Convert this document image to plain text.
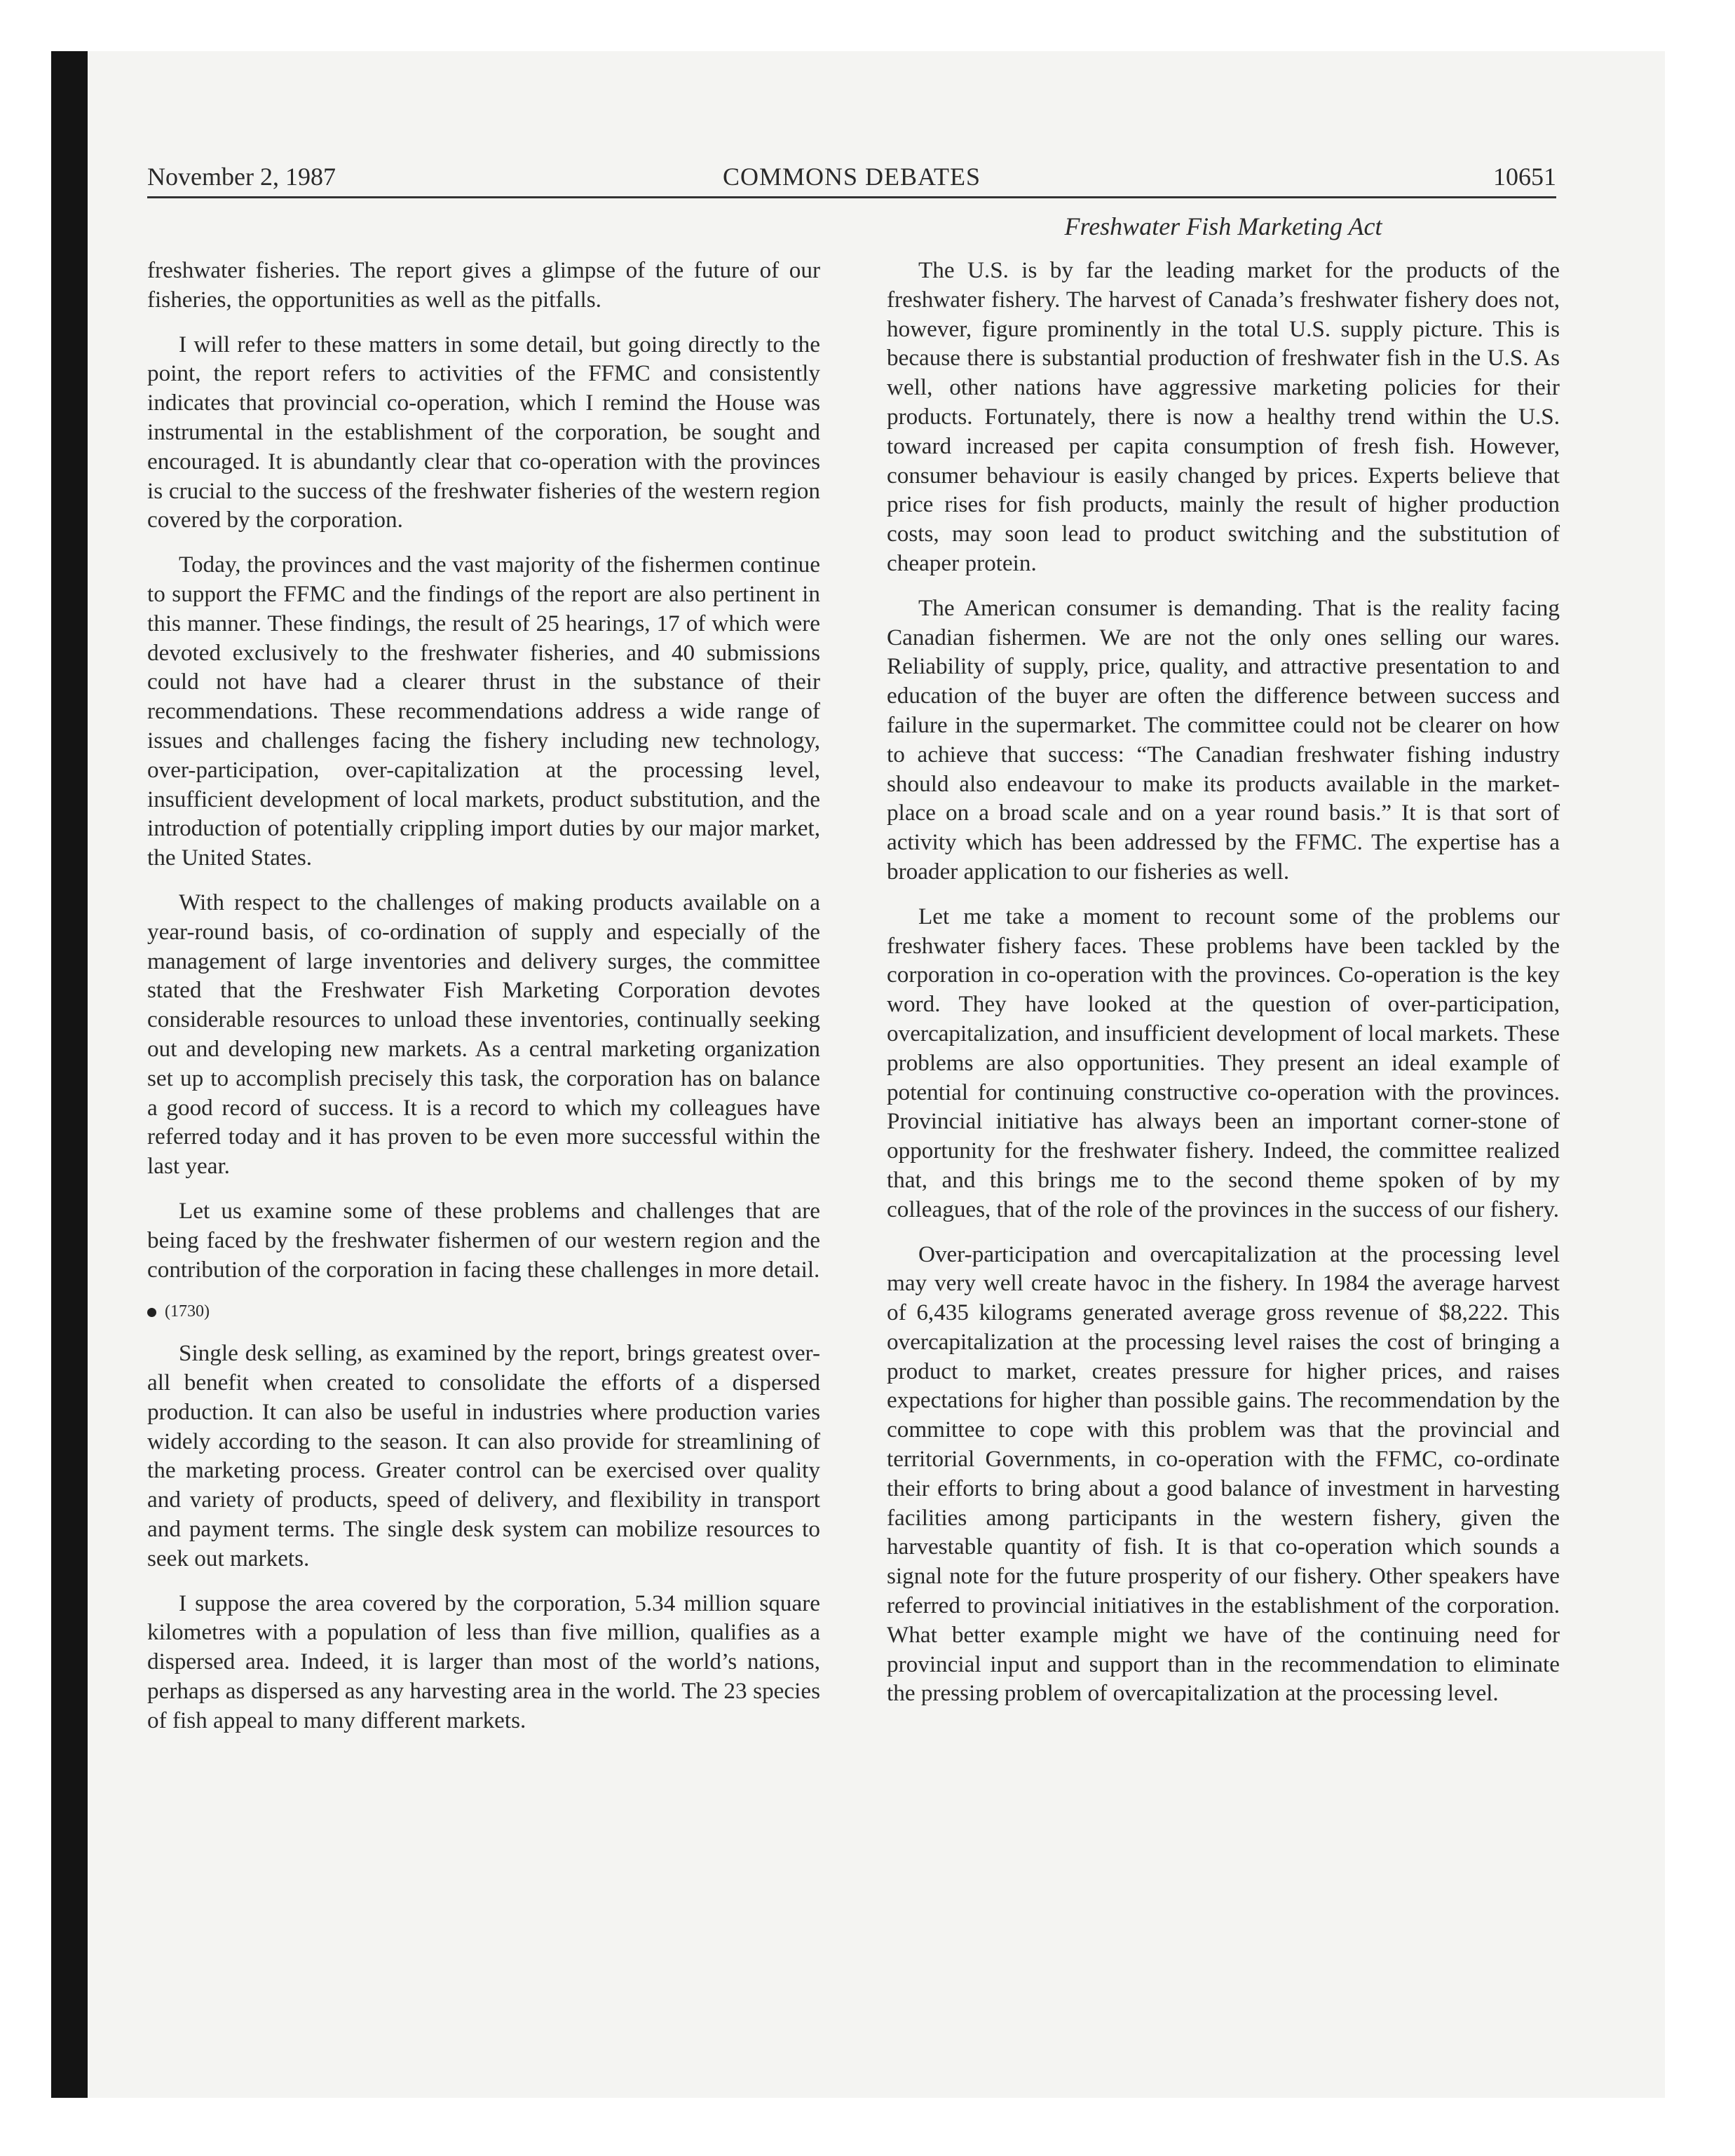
November 2, 1987	COMMONS DEBATES	10651
Freshwater Fish Marketing Act

freshwater fisheries. The report gives a glimpse of the future of our fisheries, the opportunities as well as the pitfalls.

I will refer to these matters in some detail, but going directly to the point, the report refers to activities of the FFMC and consistently indicates that provincial co-operation, which I remind the House was instrumental in the establishment of the corporation, be sought and encouraged. It is abundantly clear that co-operation with the provinces is crucial to the success of the freshwater fisheries of the western region covered by the corporation.

Today, the provinces and the vast majority of the fishermen continue to support the FFMC and the findings of the report are also pertinent in this manner. These findings, the result of 25 hearings, 17 of which were devoted exclusively to the freshwater fisheries, and 40 submissions could not have had a clearer thrust in the substance of their recommendations. These recommendations address a wide range of issues and challenges facing the fishery including new technology, over-participation, over-capitalization at the processing level, insufficient development of local markets, product substitution, and the introduction of potentially crippling import duties by our major market, the United States.

With respect to the challenges of making products available on a year-round basis, of co-ordination of supply and especially of the management of large inventories and delivery surges, the committee stated that the Freshwater Fish Marketing Corporation devotes considerable resources to unload these inventories, continually seeking out and developing new markets. As a central marketing organization set up to accomplish precisely this task, the corporation has on balance a good record of success. It is a record to which my colleagues have referred today and it has proven to be even more successful within the last year.

Let us examine some of these problems and challenges that are being faced by the freshwater fishermen of our western region and the contribution of the corporation in facing these challenges in more detail.

(1730)

Single desk selling, as examined by the report, brings greatest over-all benefit when created to consolidate the efforts of a dispersed production. It can also be useful in industries where production varies widely according to the season. It can also provide for streamlining of the marketing process. Greater control can be exercised over quality and variety of products, speed of delivery, and flexibility in transport and payment terms. The single desk system can mobilize resources to seek out markets.

I suppose the area covered by the corporation, 5.34 million square kilometres with a population of less than five million, qualifies as a dispersed area. Indeed, it is larger than most of the world’s nations, perhaps as dispersed as any harvesting area in the world. The 23 species of fish appeal to many different markets.

The U.S. is by far the leading market for the products of the freshwater fishery. The harvest of Canada’s freshwater fishery does not, however, figure prominently in the total U.S. supply picture. This is because there is substantial production of freshwater fish in the U.S. As well, other nations have aggressive marketing policies for their products. Fortunately, there is now a healthy trend within the U.S. toward increased per capita consumption of fresh fish. However, consumer behaviour is easily changed by prices. Experts believe that price rises for fish products, mainly the result of higher production costs, may soon lead to product switching and the substitution of cheaper protein.

The American consumer is demanding. That is the reality facing Canadian fishermen. We are not the only ones selling our wares. Reliability of supply, price, quality, and attractive presentation to and education of the buyer are often the difference between success and failure in the supermarket. The committee could not be clearer on how to achieve that success: “The Canadian freshwater fishing industry should also endeavour to make its products available in the market-place on a broad scale and on a year round basis.” It is that sort of activity which has been addressed by the FFMC. The expertise has a broader application to our fisheries as well.

Let me take a moment to recount some of the problems our freshwater fishery faces. These problems have been tackled by the corporation in co-operation with the provinces. Co-operation is the key word. They have looked at the question of over-participation, overcapitalization, and insufficient development of local markets. These problems are also opportunities. They present an ideal example of potential for continuing constructive co-operation with the provinces. Provincial initiative has always been an important corner-stone of opportunity for the freshwater fishery. Indeed, the committee realized that, and this brings me to the second theme spoken of by my colleagues, that of the role of the provinces in the success of our fishery.

Over-participation and overcapitalization at the processing level may very well create havoc in the fishery. In 1984 the average harvest of 6,435 kilograms generated average gross revenue of $8,222. This overcapitalization at the processing level raises the cost of bringing a product to market, creates pressure for higher prices, and raises expectations for higher than possible gains. The recommendation by the committee to cope with this problem was that the provincial and territorial Governments, in co-operation with the FFMC, co-ordinate their efforts to bring about a good balance of investment in harvesting facilities among participants in the western fishery, given the harvestable quantity of fish. It is that co-operation which sounds a signal note for the future prosperity of our fishery. Other speakers have referred to provincial initiatives in the establishment of the corporation. What better example might we have of the continuing need for provincial input and support than in the recommendation to eliminate the pressing problem of overcapitalization at the processing level.
